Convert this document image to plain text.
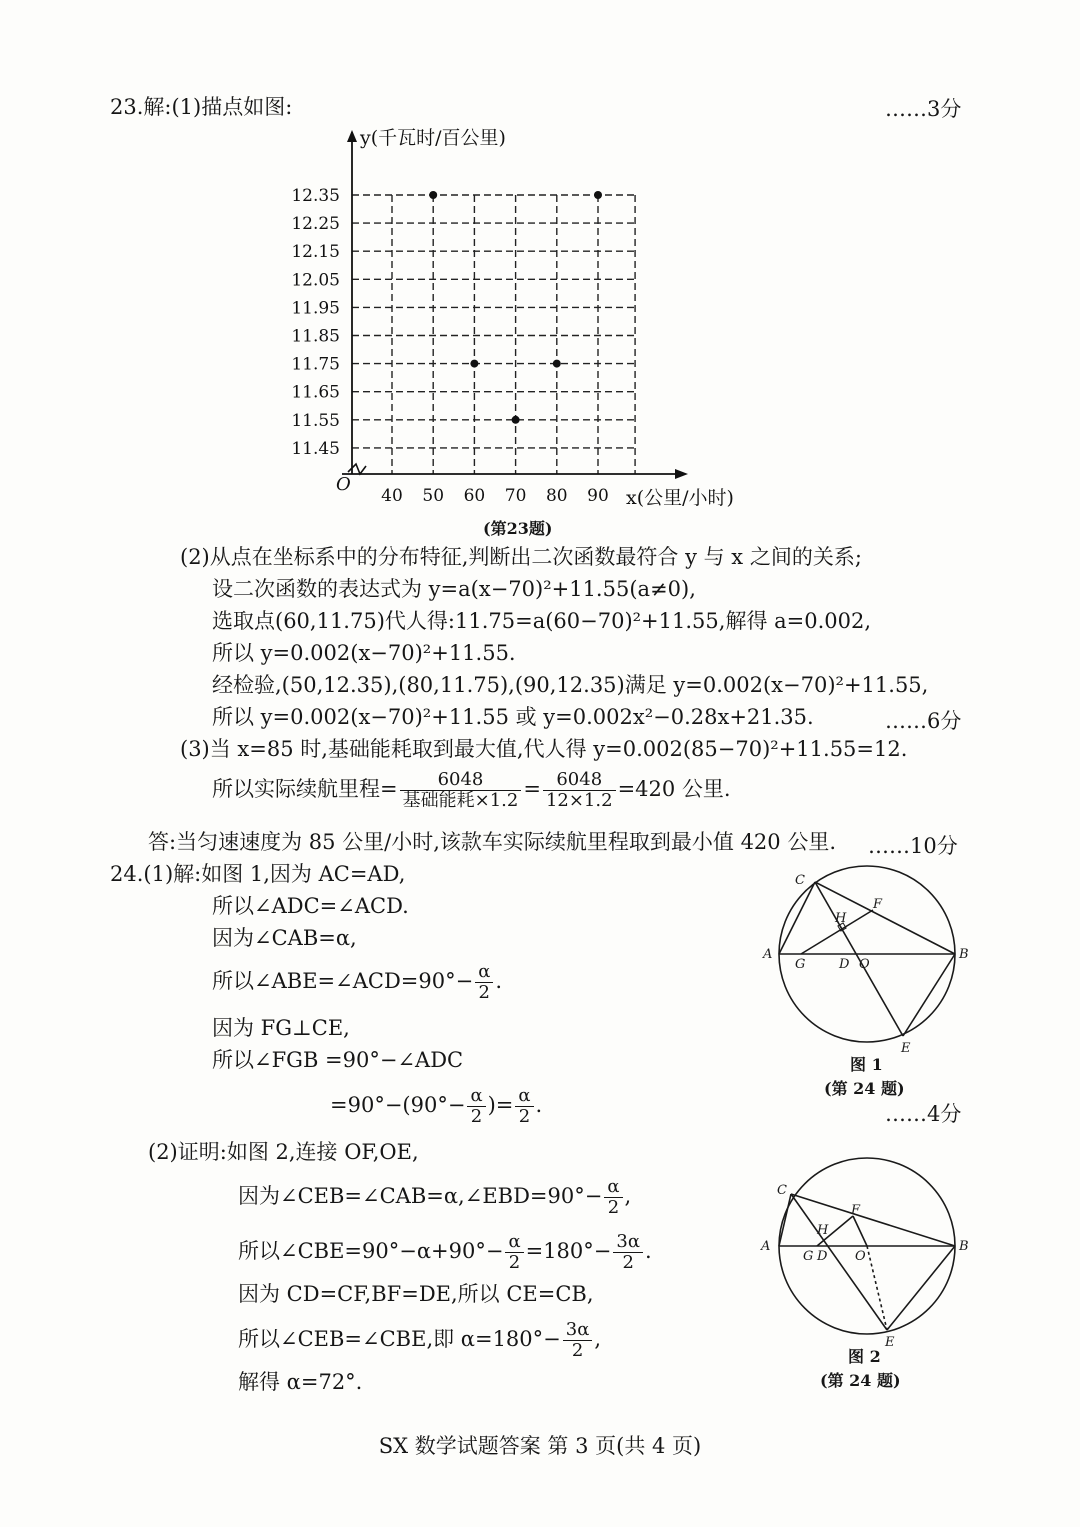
23.解:(1)描点如图:	……3分
12.35
12.25
12.15
12.05
11.95
11.85
11.75
11.65
11.55
11.45
40 50 60 70 80 90
O
y(千瓦时/百公里)
x(公里/小时)
(第23题)
(2)从点在坐标系中的分布特征,判断出二次函数最符合 y 与 x 之间的关系;
设二次函数的表达式为 y=a(x−70)²+11.55(a≠0),
选取点(60,11.75)代人得:11.75=a(60−70)²+11.55,解得 a=0.002,
所以 y=0.002(x−70)²+11.55.
经检验,(50,12.35),(80,11.75),(90,12.35)满足 y=0.002(x−70)²+11.55,
所以 y=0.002(x−70)²+11.55 或 y=0.002x²−0.28x+21.35.	……6分
(3)当 x=85 时,基础能耗取到最大值,代人得 y=0.002(85−70)²+11.55=12.
所以实际续航里程= $\frac{6048}{\text{基础能耗×1.2}} = \frac{6048}{12\times 1.2} =420$ 公里.
答:当匀速速度为 85 公里/小时,该款车实际续航里程取到最小值 420 公里. ……10分
24.(1)解:如图 1,因为 AC=AD,
所以∠ADC=∠ACD.
因为∠CAB=α,
所以∠ABE=∠ACD=90°− $\frac{\alpha}{2}$ .
因为 FG⊥CE,
所以∠FGB =90°−∠ADC
$=90^\circ-(90^\circ- \frac{\alpha}{2}$ )= $\frac{\alpha}{2}$ .	……4分
C
A	B
E
F
H
G	D O
图 1
(第 24 题)
(2)证明:如图 2,连接 OF,OE,
因为∠CEB=∠CAB=α,∠EBD=90°− $\frac{\alpha}{2}$ ,
所以∠CBE=90°−α+90°− $\frac{\alpha}{2} =180^\circ- \frac{3\alpha}{2}$ .
因为 CD=CF,BF=DE,所以 CE=CB,
所以∠CEB=∠CBE,即 $\alpha=180^\circ- \frac{3\alpha}{2}$ ,
解得 α=72°.
C
A	B
E
F
H
G D O
图 2
(第 24 题)
SX 数学试题答案 第 3 页(共 4 页)
